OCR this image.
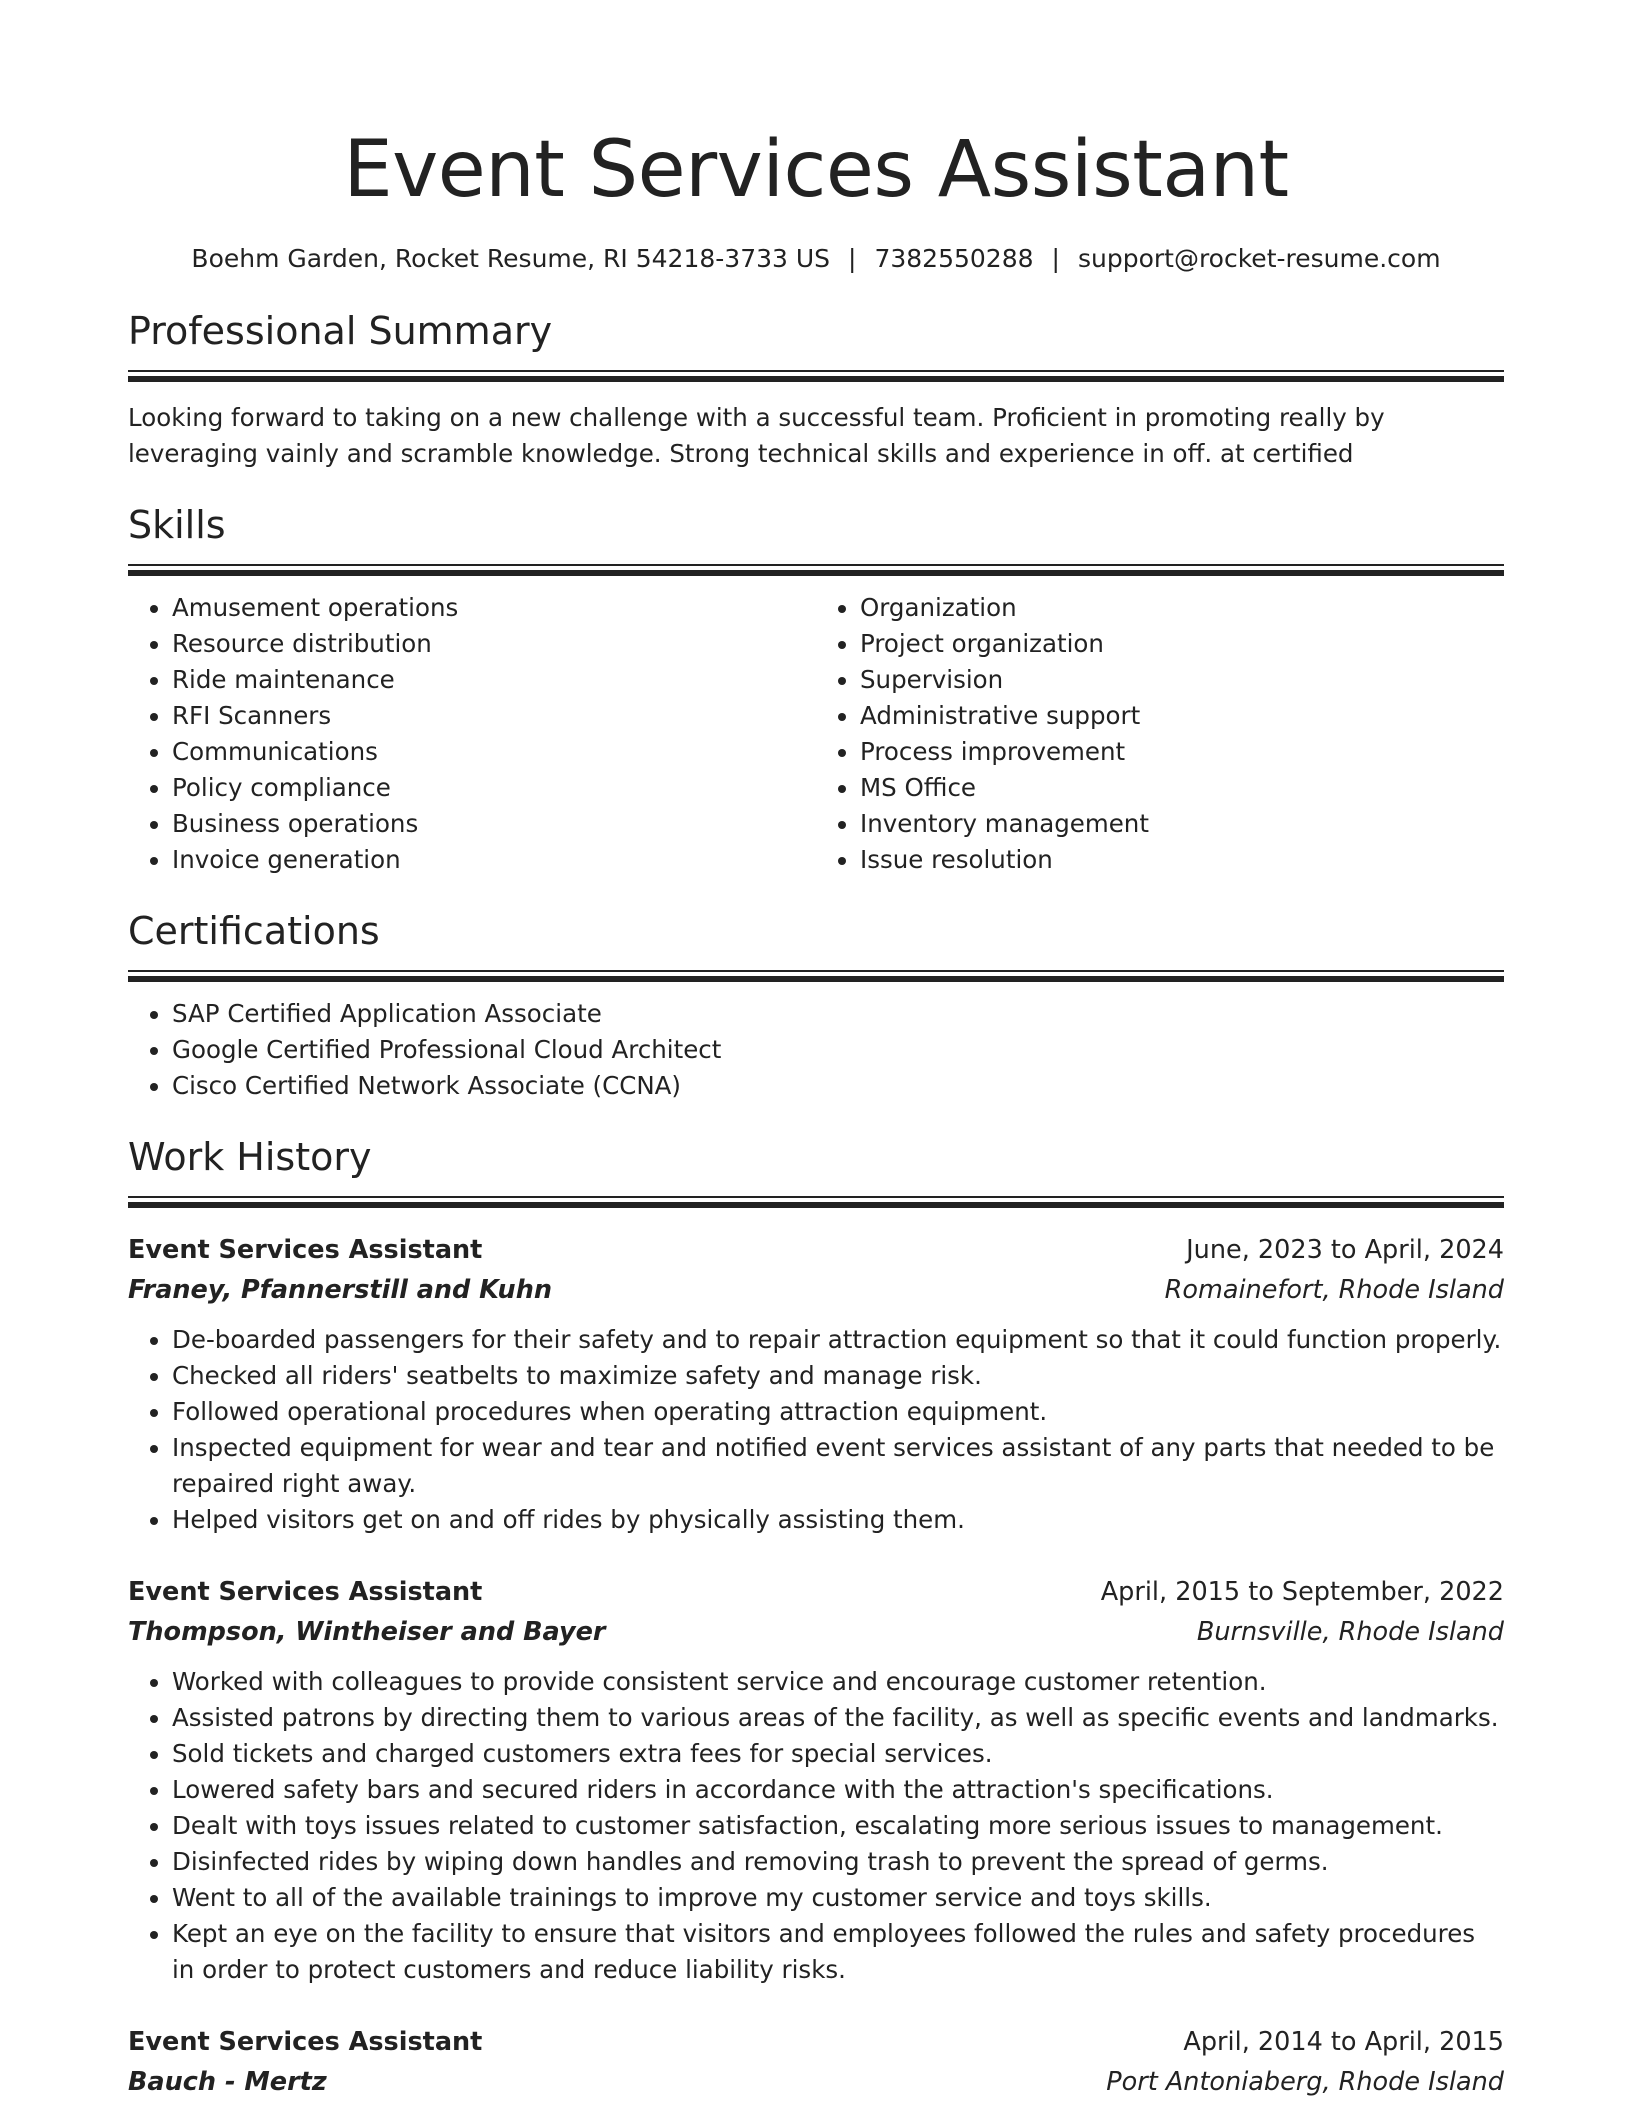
Event Services Assistant
Boehm Garden, Rocket Resume, RI 54218-3733 US | 7382550288 | support@rocket-resume.com
Professional Summary

Looking forward to taking on a new challenge with a successful team. Proficient in promoting really by leveraging vainly and scramble knowledge. Strong technical skills and experience in off. at certified

Skills
• Amusement operations
• Resource distribution
• Ride maintenance
• RFI Scanners
• Communications
• Policy compliance
• Business operations
• Invoice generation
• Organization
• Project organization
• Supervision
• Administrative support
• Process improvement
• MS Office
• Inventory management
• Issue resolution
Certifications
• SAP Certified Application Associate
• Google Certified Professional Cloud Architect
• Cisco Certified Network Associate (CCNA)
Work History
Event Services Assistant	June, 2023 to April, 2024
Franey, Pfannerstill and Kuhn	Romainefort, Rhode Island
• De-boarded passengers for their safety and to repair attraction equipment so that it could function properly.
• Checked all riders' seatbelts to maximize safety and manage risk.
• Followed operational procedures when operating attraction equipment.
• Inspected equipment for wear and tear and notified event services assistant of any parts that needed to be repaired right away.
• Helped visitors get on and off rides by physically assisting them.
Event Services Assistant	April, 2015 to September, 2022
Thompson, Wintheiser and Bayer	Burnsville, Rhode Island
• Worked with colleagues to provide consistent service and encourage customer retention.
• Assisted patrons by directing them to various areas of the facility, as well as specific events and landmarks.
• Sold tickets and charged customers extra fees for special services.
• Lowered safety bars and secured riders in accordance with the attraction's specifications.
• Dealt with toys issues related to customer satisfaction, escalating more serious issues to management.
• Disinfected rides by wiping down handles and removing trash to prevent the spread of germs.
• Went to all of the available trainings to improve my customer service and toys skills.
• Kept an eye on the facility to ensure that visitors and employees followed the rules and safety procedures in order to protect customers and reduce liability risks.
Event Services Assistant	April, 2014 to April, 2015
Bauch - Mertz	Port Antoniaberg, Rhode Island
